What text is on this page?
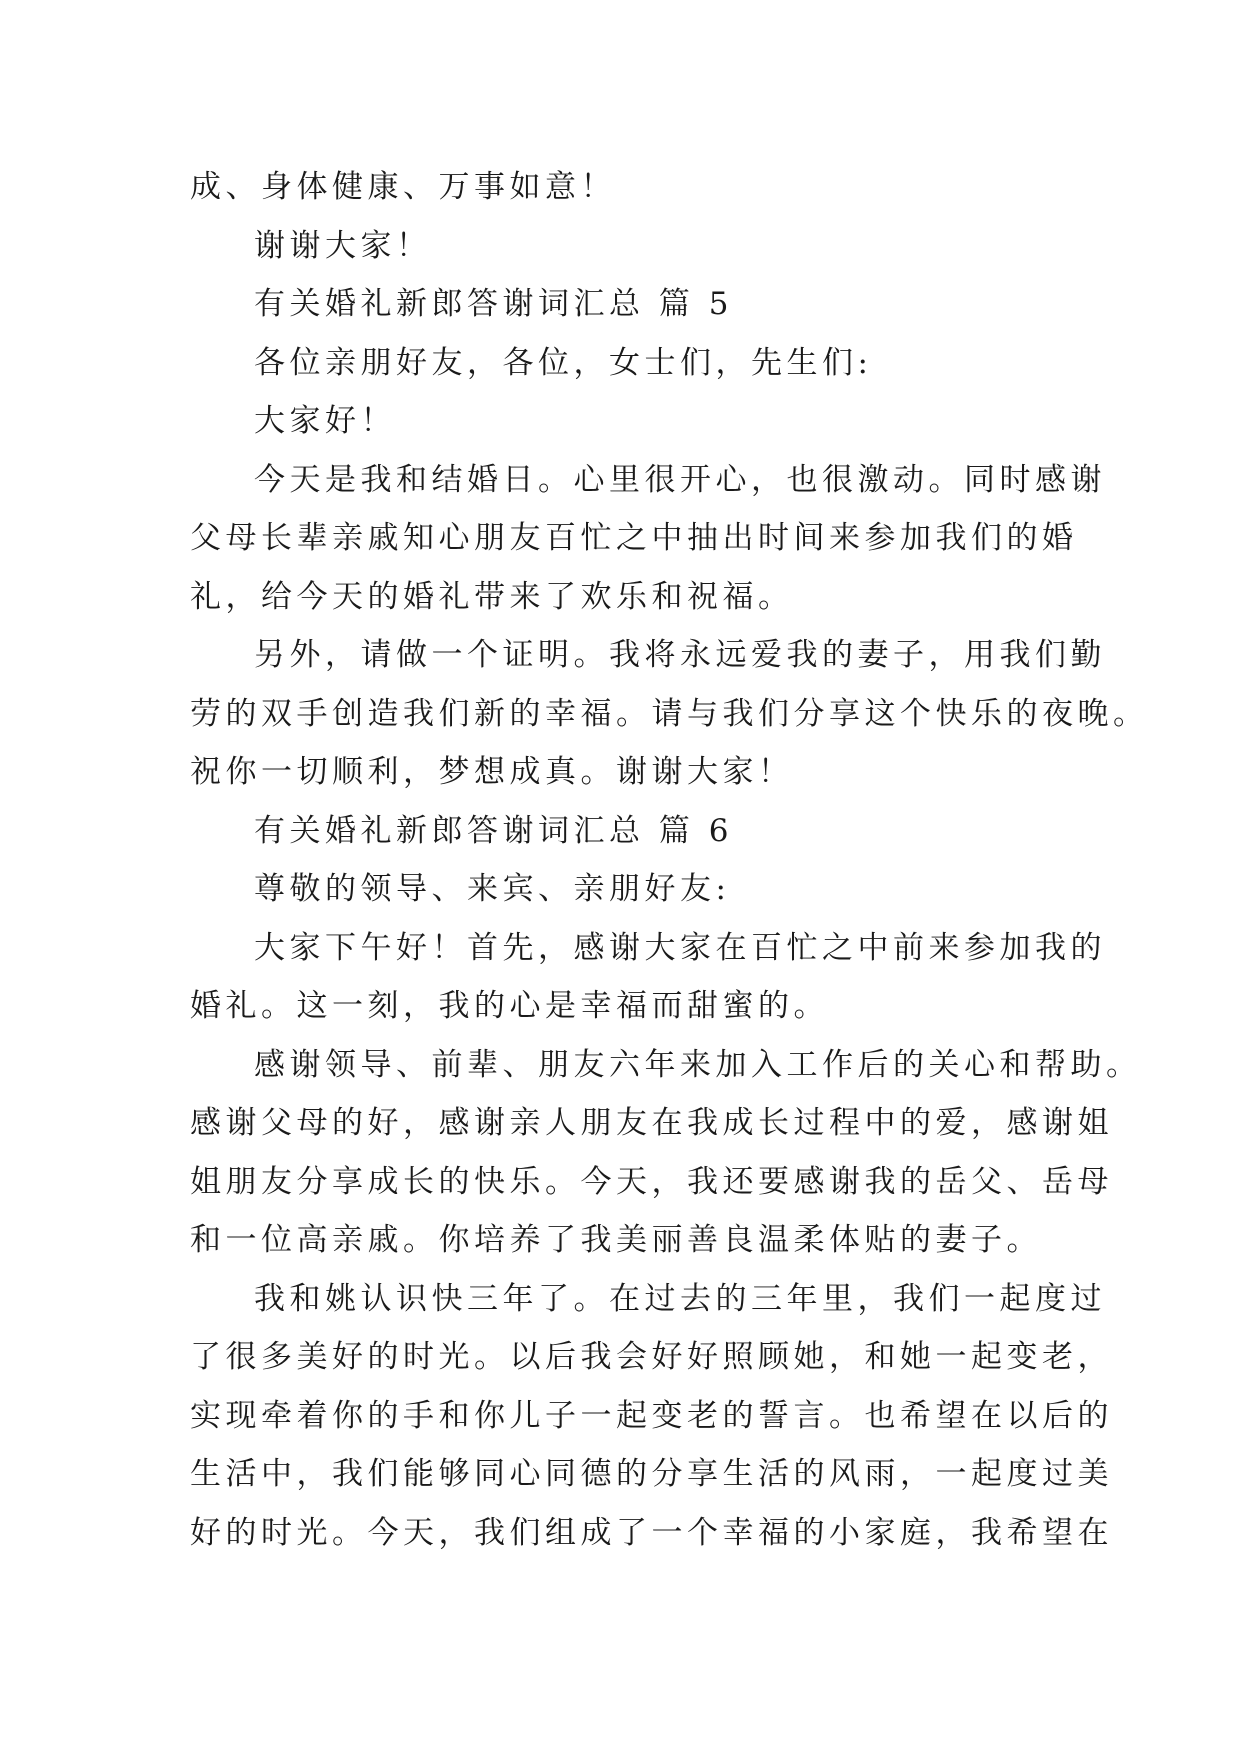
成、身体健康、万事如意！
谢谢大家！
有关婚礼新郎答谢词汇总 篇 5
各位亲朋好友，各位，女士们，先生们:
大家好！
今天是我和结婚日。心里很开心，也很激动。同时感谢
父母长辈亲戚知心朋友百忙之中抽出时间来参加我们的婚
礼，给今天的婚礼带来了欢乐和祝福。
另外，请做一个证明。我将永远爱我的妻子，用我们勤
劳的双手创造我们新的幸福。请与我们分享这个快乐的夜晚。
祝你一切顺利，梦想成真。谢谢大家！
有关婚礼新郎答谢词汇总 篇 6
尊敬的领导、来宾、亲朋好友:
大家下午好！首先，感谢大家在百忙之中前来参加我的
婚礼。这一刻，我的心是幸福而甜蜜的。
感谢领导、前辈、朋友六年来加入工作后的关心和帮助。
感谢父母的好，感谢亲人朋友在我成长过程中的爱，感谢姐
姐朋友分享成长的快乐。今天，我还要感谢我的岳父、岳母
和一位高亲戚。你培养了我美丽善良温柔体贴的妻子。
我和姚认识快三年了。在过去的三年里，我们一起度过
了很多美好的时光。以后我会好好照顾她，和她一起变老，
实现牵着你的手和你儿子一起变老的誓言。也希望在以后的
生活中，我们能够同心同德的分享生活的风雨，一起度过美
好的时光。今天，我们组成了一个幸福的小家庭，我希望在
